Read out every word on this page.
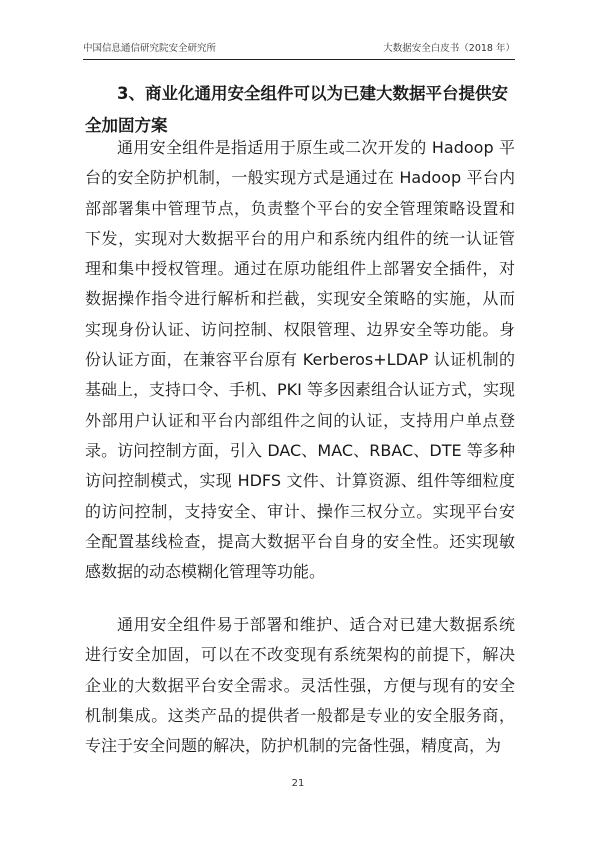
中国信息通信研究院安全研究所	大数据安全白皮书（2018 年）
3、商业化通用安全组件可以为已建大数据平台提供安全加固方案

通用安全组件是指适用于原生或二次开发的 Hadoop 平台的安全防护机制，一般实现方式是通过在 Hadoop 平台内部部署集中管理节点，负责整个平台的安全管理策略设置和下发，实现对大数据平台的用户和系统内组件的统一认证管理和集中授权管理。通过在原功能组件上部署安全插件，对数据操作指令进行解析和拦截，实现安全策略的实施，从而实现身份认证、访问控制、权限管理、边界安全等功能。身份认证方面，在兼容平台原有 Kerberos+LDAP 认证机制的基础上，支持口令、手机、PKI 等多因素组合认证方式，实现外部用户认证和平台内部组件之间的认证，支持用户单点登录。访问控制方面，引入 DAC、MAC、RBAC、DTE 等多种访问控制模式，实现 HDFS 文件、计算资源、组件等细粒度的访问控制，支持安全、审计、操作三权分立。实现平台安全配置基线检查，提高大数据平台自身的安全性。还实现敏感数据的动态模糊化管理等功能。

通用安全组件易于部署和维护、适合对已建大数据系统进行安全加固，可以在不改变现有系统架构的前提下，解决企业的大数据平台安全需求。灵活性强，方便与现有的安全机制集成。这类产品的提供者一般都是专业的安全服务商，专注于安全问题的解决，防护机制的完备性强，精度高，为

21
